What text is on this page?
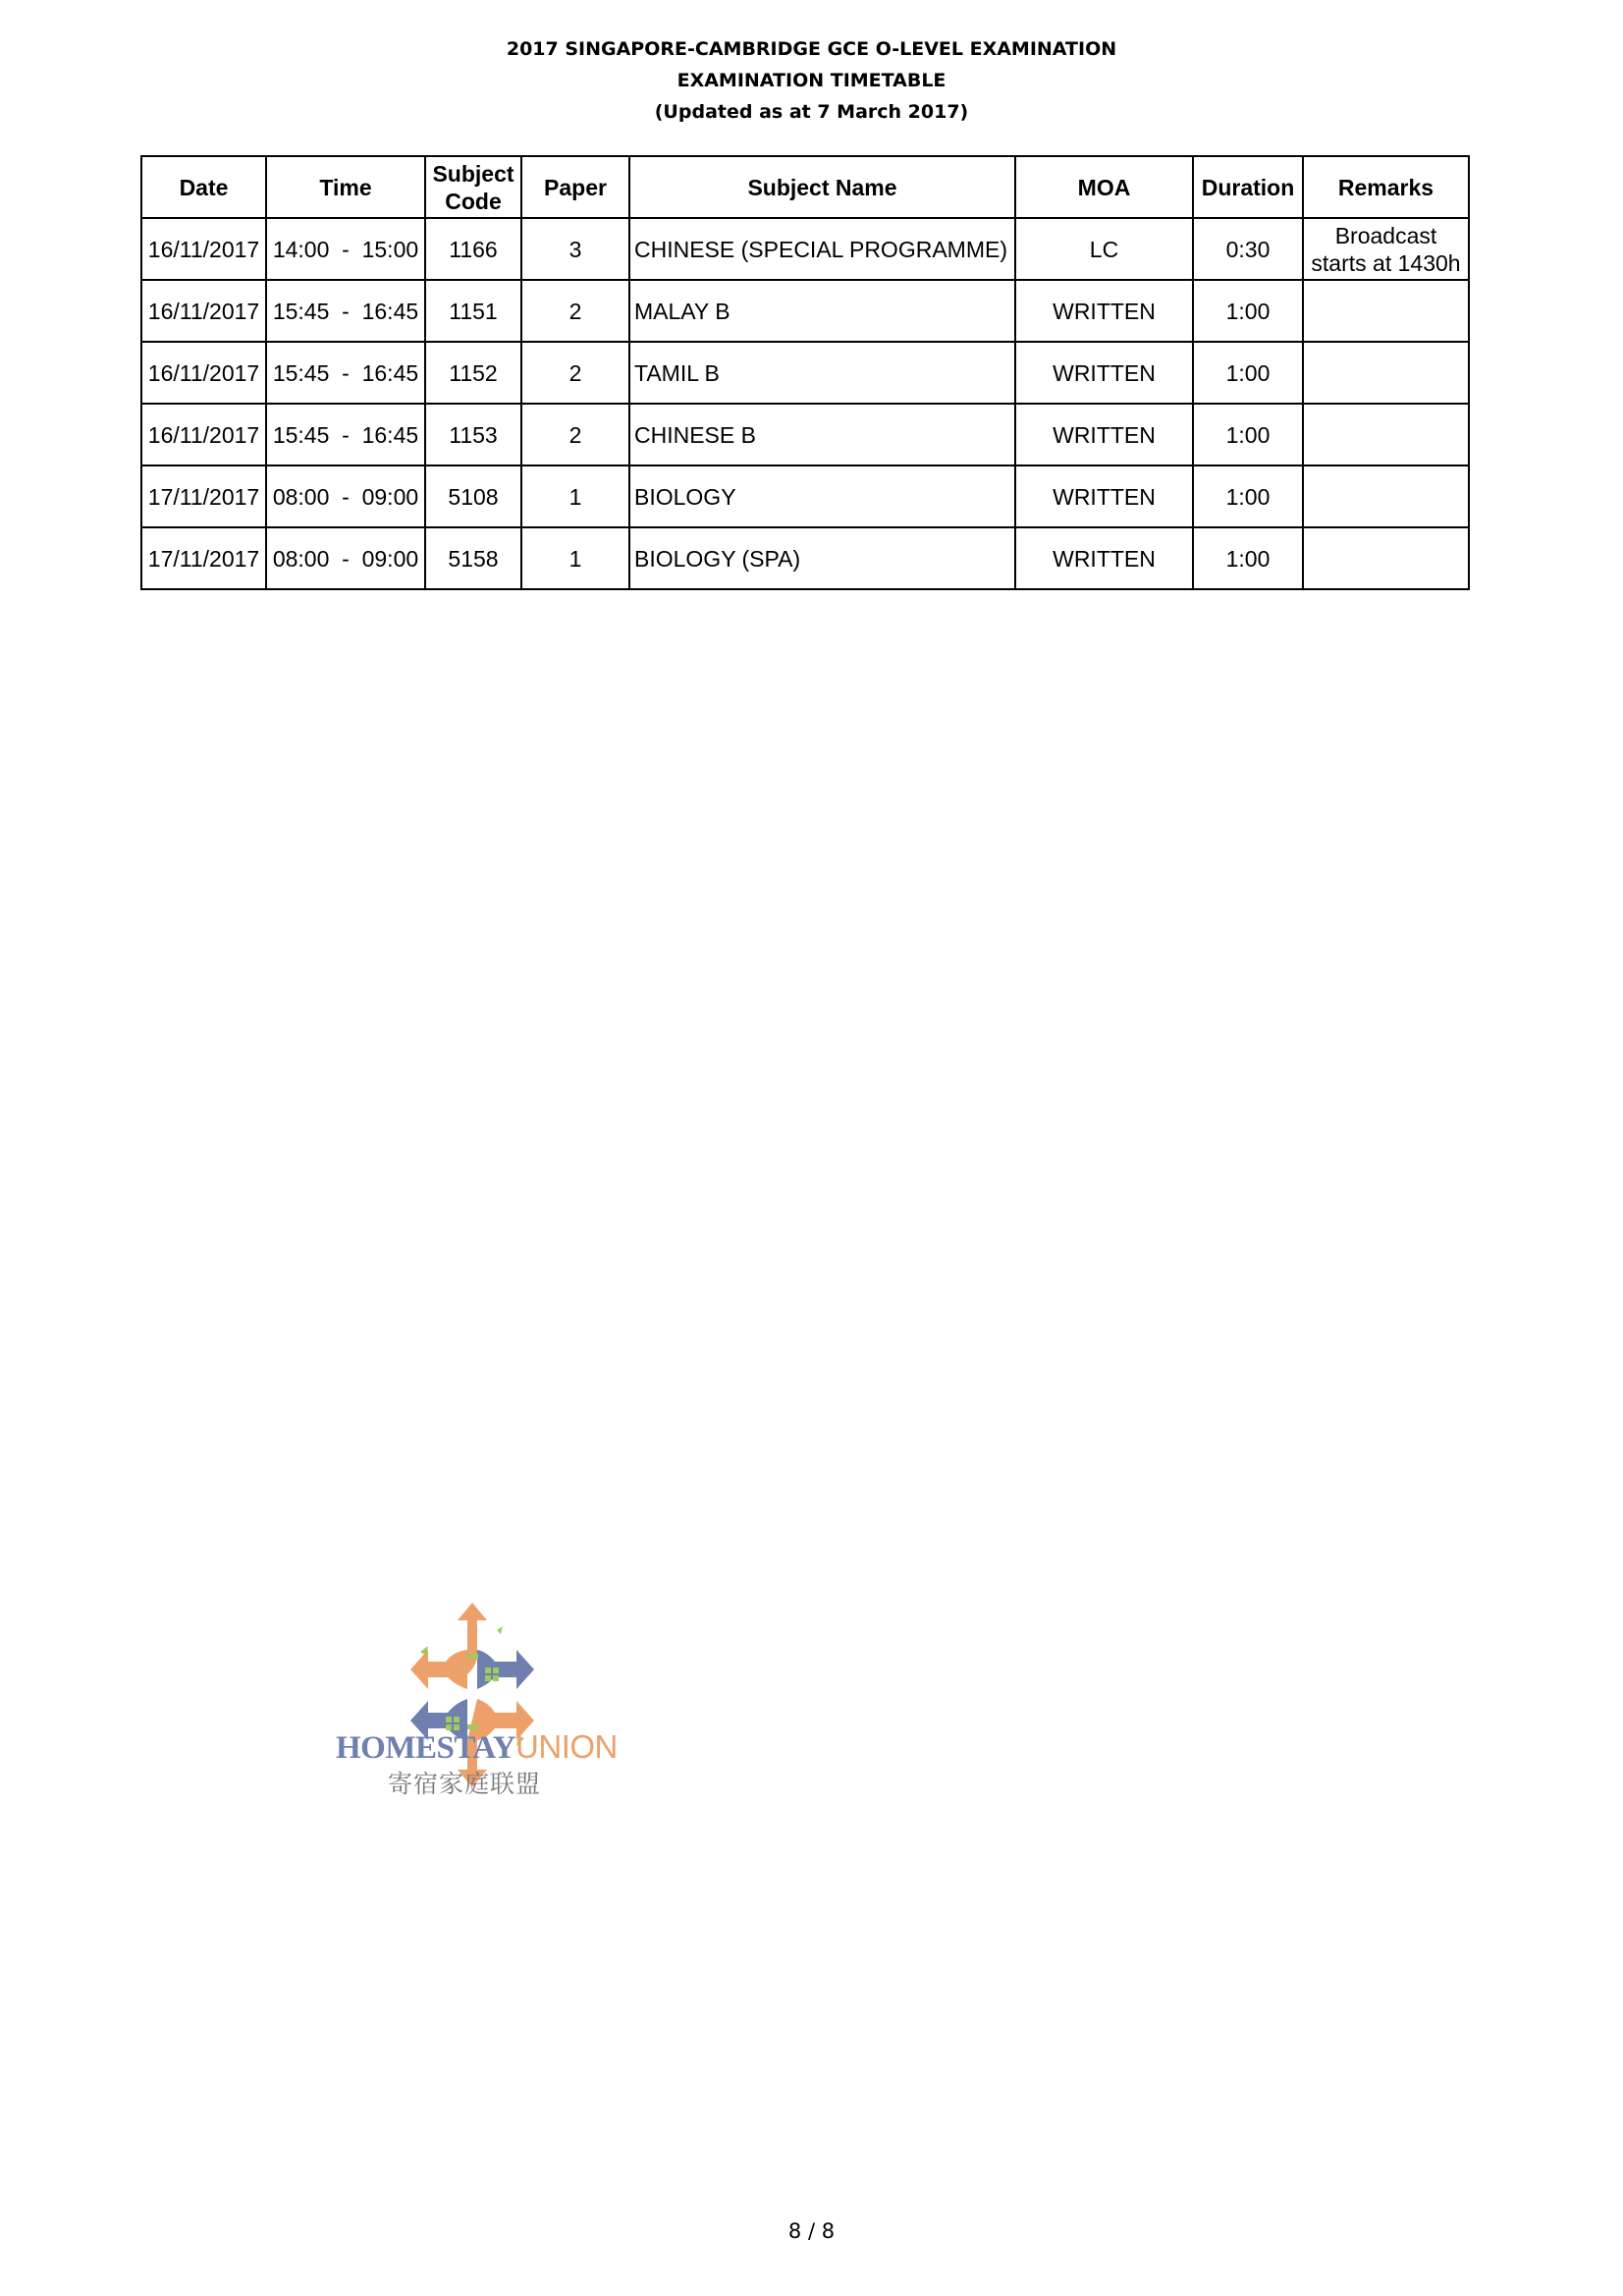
2017 SINGAPORE-CAMBRIDGE GCE O-LEVEL EXAMINATION
EXAMINATION TIMETABLE
(Updated as at 7 March 2017)
Date	Time	Subject Code	Paper	Subject Name	MOA	Duration	Remarks
16/11/2017	14:00  -  15:00	1166	3	CHINESE (SPECIAL PROGRAMME)	LC	0:30	Broadcast starts at 1430h
16/11/2017	15:45  -  16:45	1151	2	MALAY B	WRITTEN	1:00	
16/11/2017	15:45  -  16:45	1152	2	TAMIL B	WRITTEN	1:00	
16/11/2017	15:45  -  16:45	1153	2	CHINESE B	WRITTEN	1:00	
17/11/2017	08:00  -  09:00	5108	1	BIOLOGY	WRITTEN	1:00	
17/11/2017	08:00  -  09:00	5158	1	BIOLOGY (SPA)	WRITTEN	1:00	
HOMESTAYUNION
寄宿家庭联盟
8 / 8
